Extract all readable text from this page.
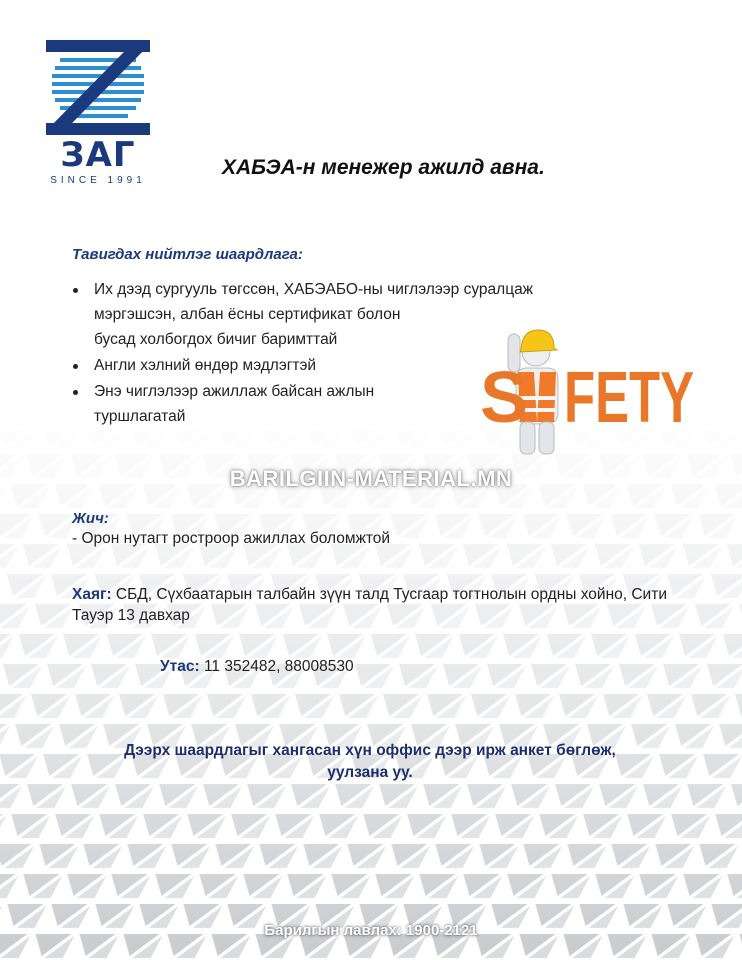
ЗАГ
SINCE 1991
ХАБЭА-н менежер ажилд авна.
Тавигдах нийтлэг шаардлага:
Их дээд сургууль төгссөн, ХАБЭАБО-ны чиглэлээр суралцаж
мэргэшсэн, албан ёсны сертификат болон
бусад холбогдох бичиг баримттай
Англи хэлний өндөр мэдлэгтэй
Энэ чиглэлээр ажиллаж байсан ажлын
туршлагатай	S FETY
BARILGIIN-MATERIAL.MN
Жич:
- Орон нутагт ростроор ажиллах боломжтой
Хаяг: СБД, Сүхбаатарын талбайн зүүн талд Тусгаар тогтнолын ордны хойно, Сити Тауэр 13 давхар
Утас: 11 352482, 88008530
Дээрх шаардлагыг хангасан хүн оффис дээр ирж анкет бөглөж,
уулзана уу.
Барилгын лавлах: 1900-2121
